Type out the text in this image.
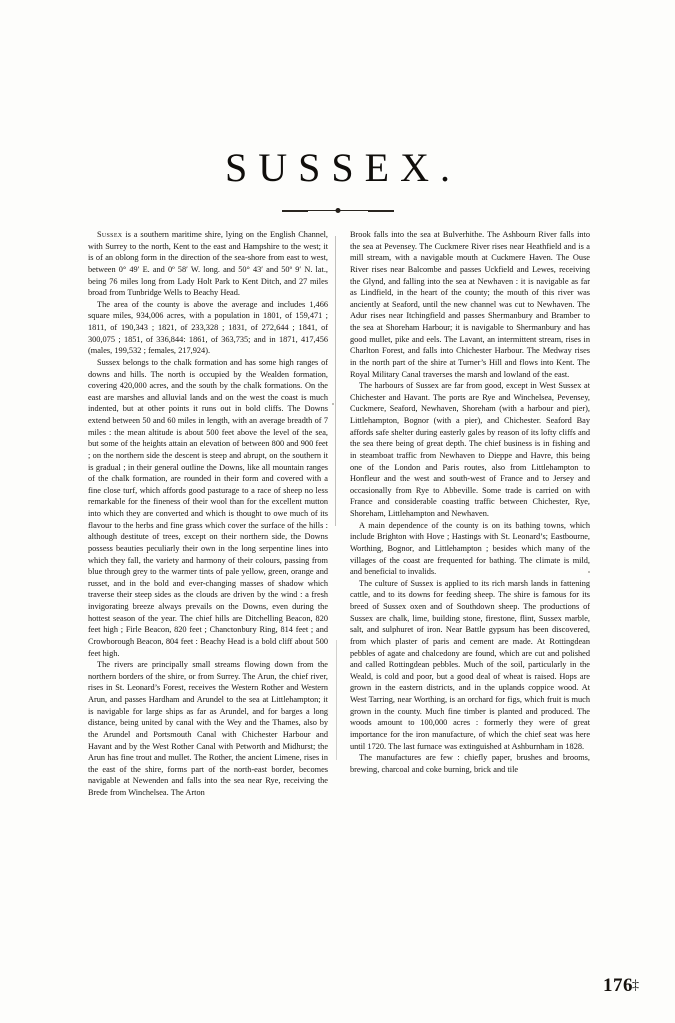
SUSSEX.

Sussex is a southern maritime shire, lying on the English Channel, with Surrey to the north, Kent to the east and Hampshire to the west; it is of an oblong form in the direction of the sea-shore from east to west, between 0° 49′ E. and 0º 58′ W. long. and 50° 43′ and 50º 9′ N. lat., being 76 miles long from Lady Holt Park to Kent Ditch, and 27 miles broad from Tunbridge Wells to Beachy Head.

The area of the county is above the average and includes 1,466 square miles, 934,006 acres, with a population in 1801, of 159,471 ; 1811, of 190,343 ; 1821, of 233,328 ; 1831, of 272,644 ; 1841, of 300,075 ; 1851, of 336,844: 1861, of 363,735; and in 1871, 417,456 (males, 199,532 ; females, 217,924).

Sussex belongs to the chalk formation and has some high ranges of downs and hills. The north is occupied by the Wealden formation, covering 420,000 acres, and the south by the chalk formations. On the east are marshes and alluvial lands and on the west the coast is much indented, but at other points it runs out in bold cliffs. The Downs extend between 50 and 60 miles in length, with an average breadth of 7 miles : the mean altitude is about 500 feet above the level of the sea, but some of the heights attain an elevation of between 800 and 900 feet ; on the northern side the descent is steep and abrupt, on the southern it is gradual ; in their general outline the Downs, like all mountain ranges of the chalk formation, are rounded in their form and covered with a fine close turf, which affords good pasturage to a race of sheep no less remarkable for the fineness of their wool than for the excellent mutton into which they are converted and which is thought to owe much of its flavour to the herbs and fine grass which cover the surface of the hills : although destitute of trees, except on their northern side, the Downs possess beauties peculiarly their own in the long serpentine lines into which they fall, the variety and harmony of their colours, passing from blue through grey to the warmer tints of pale yellow, green, orange and russet, and in the bold and ever-changing masses of shadow which traverse their steep sides as the clouds are driven by the wind : a fresh invigorating breeze always prevails on the Downs, even during the hottest season of the year. The chief hills are Ditchelling Beacon, 820 feet high ; Firle Beacon, 820 feet ; Chanctonbury Ring, 814 feet ; and Crowborough Beacon, 804 feet : Beachy Head is a bold cliff about 500 feet high.

The rivers are principally small streams flowing down from the northern borders of the shire, or from Surrey. The Arun, the chief river, rises in St. Leonard’s Forest, receives the Western Rother and Western Arun, and passes Hardham and Arundel to the sea at Littlehampton; it is navigable for large ships as far as Arundel, and for barges a long distance, being united by canal with the Wey and the Thames, also by the Arundel and Portsmouth Canal with Chichester Harbour and Havant and by the West Rother Canal with Petworth and Midhurst; the Arun has fine trout and mullet. The Rother, the ancient Limene, rises in the east of the shire, forms part of the north-east border, becomes navigable at Newenden and falls into the sea near Rye, receiving the Brede from Winchelsea. The Arton

Brook falls into the sea at Bulverhithe. The Ashbourn River falls into the sea at Pevensey. The Cuckmere River rises near Heathfield and is a mill stream, with a navigable mouth at Cuckmere Haven. The Ouse River rises near Balcombe and passes Uckfield and Lewes, receiving the Glynd, and falling into the sea at Newhaven : it is navigable as far as Lindfield, in the heart of the county; the mouth of this river was anciently at Seaford, until the new channel was cut to Newhaven. The Adur rises near Itchingfield and passes Shermanbury and Bramber to the sea at Shoreham Harbour; it is navigable to Shermanbury and has good mullet, pike and eels. The Lavant, an intermittent stream, rises in Charlton Forest, and falls into Chichester Harbour. The Medway rises in the north part of the shire at Turner’s Hill and flows into Kent. The Royal Military Canal traverses the marsh and lowland of the east.

The harbours of Sussex are far from good, except in West Sussex at Chichester and Havant. The ports are Rye and Winchelsea, Pevensey, Cuckmere, Seaford, Newhaven, Shoreham (with a harbour and pier), Littlehampton, Bognor (with a pier), and Chichester. Seaford Bay affords safe shelter during easterly gales by reason of its lofty cliffs and the sea there being of great depth. The chief business is in fishing and in steamboat traffic from Newhaven to Dieppe and Havre, this being one of the London and Paris routes, also from Littlehampton to Honfleur and the west and south-west of France and to Jersey and occasionally from Rye to Abbeville. Some trade is carried on with France and considerable coasting traffic between Chichester, Rye, Shoreham, Littlehampton and Newhaven.

A main dependence of the county is on its bathing towns, which include Brighton with Hove ; Hastings with St. Leonard’s; Eastbourne, Worthing, Bognor, and Littlehampton ; besides which many of the villages of the coast are frequented for bathing. The climate is mild, and beneficial to invalids.

The culture of Sussex is applied to its rich marsh lands in fattening cattle, and to its downs for feeding sheep. The shire is famous for its breed of Sussex oxen and of Southdown sheep. The productions of Sussex are chalk, lime, building stone, firestone, flint, Sussex marble, salt, and sulphuret of iron. Near Battle gypsum has been discovered, from which plaster of paris and cement are made. At Rottingdean pebbles of agate and chalcedony are found, which are cut and polished and called Rottingdean pebbles. Much of the soil, particularly in the Weald, is cold and poor, but a good deal of wheat is raised. Hops are grown in the eastern districts, and in the uplands coppice wood. At West Tarring, near Worthing, is an orchard for figs, which fruit is much grown in the county. Much fine timber is planted and produced. The woods amount to 100,000 acres : formerly they were of great importance for the iron manufacture, of which the chief seat was here until 1720. The last furnace was extinguished at Ashburnham in 1828.

The manufactures are few : chiefly paper, brushes and brooms, brewing, charcoal and coke burning, brick and tile

176‡
